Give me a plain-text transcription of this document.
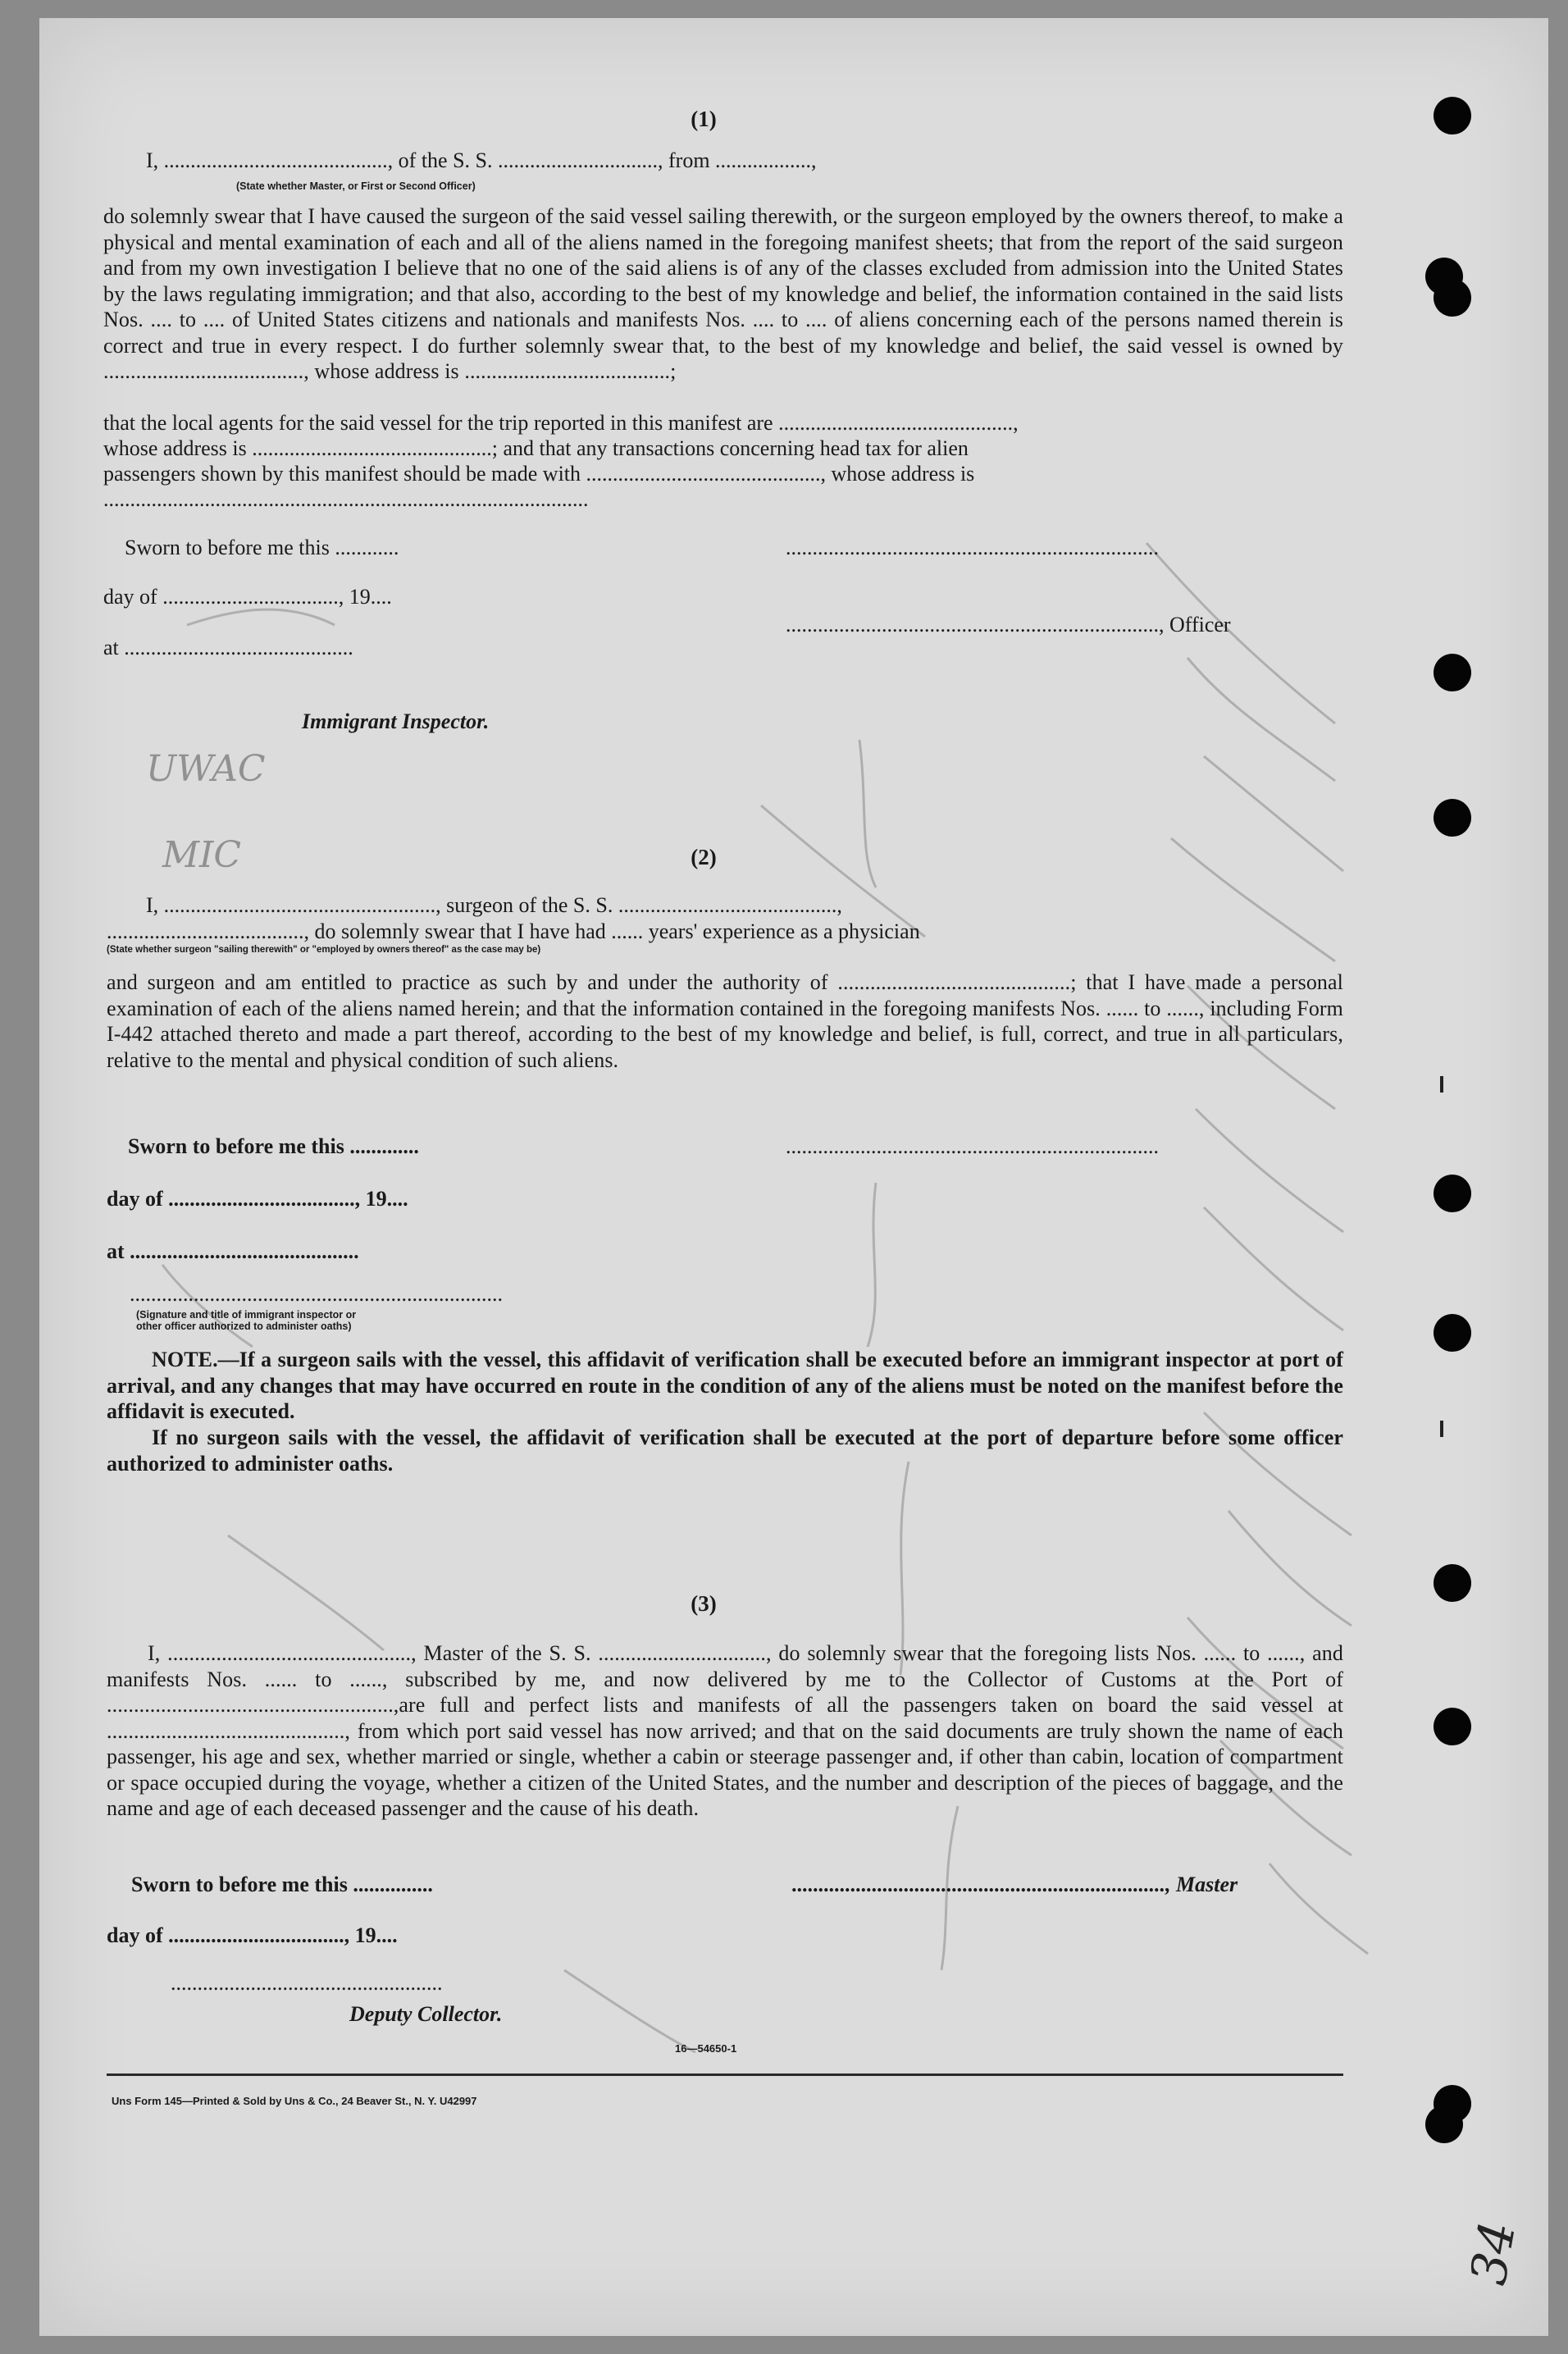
UWAC
MIC
34
(1)
I, .........................................., of the S. S. .............................., from ..................,
(State whether Master, or First or Second Officer)
do solemnly swear that I have caused the surgeon of the said vessel sailing therewith, or the surgeon employed by the owners thereof, to make a physical and mental examination of each and all of the aliens named in the foregoing manifest sheets; that from the report of the said surgeon and from my own investigation I believe that no one of the said aliens is of any of the classes excluded from admission into the United States by the laws regulating immigration; and that also, according to the best of my knowledge and belief, the information contained in the said lists Nos. .... to .... of United States citizens and nationals and manifests Nos. .... to .... of aliens concerning each of the persons named therein is correct and true in every respect. I do further solemnly swear that, to the best of my knowledge and belief, the said vessel is owned by ....................................., whose address is ......................................;
that the local agents for the said vessel for the trip reported in this manifest are ............................................,
whose address is .............................................; and that any transactions concerning head tax for alien
passengers shown by this manifest should be made with ............................................, whose address is
...........................................................................................
Sworn to before me this ............
day of ................................., 19....
at ...........................................
Immigrant Inspector.
......................................................................
......................................................................, Officer
(2)
I, ..................................................., surgeon of the S. S. .........................................,
....................................., do solemnly swear that I have had ...... years' experience as a physician
(State whether surgeon "sailing therewith" or "employed by owners thereof" as the case may be)
and surgeon and am entitled to practice as such by and under the authority of ...........................................; that I have made a personal examination of each of the aliens named herein; and that the information contained in the foregoing manifests Nos. ...... to ......, including Form I-442 attached thereto and made a part thereof, according to the best of my knowledge and belief, is full, correct, and true in all particulars, relative to the mental and physical condition of such aliens.
Sworn to before me this .............
day of ..................................., 19....
at ...........................................
......................................................................
......................................................................
(Signature and title of immigrant inspector or
other officer authorized to administer oaths)
NOTE.—If a surgeon sails with the vessel, this affidavit of verification shall be executed before an immigrant inspector at port of arrival, and any changes that may have occurred en route in the condition of any of the aliens must be noted on the manifest before the affidavit is executed.
If no surgeon sails with the vessel, the affidavit of verification shall be executed at the port of departure before some officer authorized to administer oaths.
(3)
I, ............................................., Master of the S. S. ..............................., do solemnly swear that the foregoing lists Nos. ...... to ......, and manifests Nos. ...... to ......, subscribed by me, and now delivered by me to the Collector of Customs at the Port of .....................................................,are full and perfect lists and manifests of all the passengers taken on board the said vessel at ............................................, from which port said vessel has now arrived; and that on the said documents are truly shown the name of each passenger, his age and sex, whether married or single, whether a cabin or steerage passenger and, if other than cabin, location of compartment or space occupied during the voyage, whether a citizen of the United States, and the number and description of the pieces of baggage, and the name and age of each deceased passenger and the cause of his death.
Sworn to before me this ...............
day of ................................., 19....
...................................................
Deputy Collector.
......................................................................, Master
16—54650-1
Uns Form 145—Printed & Sold by Uns & Co., 24 Beaver St., N. Y. U42997
